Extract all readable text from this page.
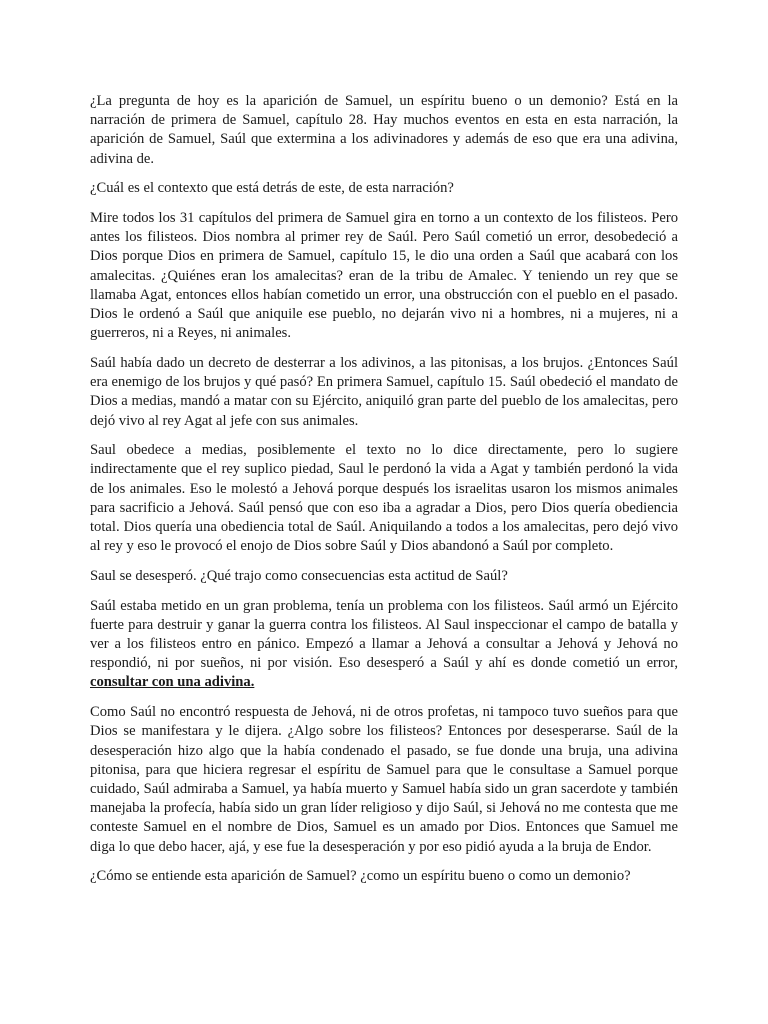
¿La pregunta de hoy es la aparición de Samuel, un espíritu bueno o un demonio? Está en la narración de primera de Samuel, capítulo 28. Hay muchos eventos en esta en esta narración, la aparición de Samuel, Saúl que extermina a los adivinadores y además de eso que era una adivina, adivina de.

¿Cuál es el contexto que está detrás de este, de esta narración?

Mire todos los 31 capítulos del primera de Samuel gira en torno a un contexto de los filisteos. Pero antes los filisteos. Dios nombra al primer rey de Saúl. Pero Saúl cometió un error, desobedeció a Dios porque Dios en primera de Samuel, capítulo 15, le dio una orden a Saúl que acabará con los amalecitas. ¿Quiénes eran los amalecitas? eran de la tribu de Amalec. Y teniendo un rey que se llamaba Agat, entonces ellos habían cometido un error, una obstrucción con el pueblo en el pasado. Dios le ordenó a Saúl que aniquile ese pueblo, no dejarán vivo ni a hombres, ni a mujeres, ni a guerreros, ni a Reyes, ni animales.

Saúl había dado un decreto de desterrar a los adivinos, a las pitonisas, a los brujos. ¿Entonces Saúl era enemigo de los brujos y qué pasó? En primera Samuel, capítulo 15. Saúl obedeció el mandato de Dios a medias, mandó a matar con su Ejército, aniquiló gran parte del pueblo de los amalecitas, pero dejó vivo al rey Agat al jefe con sus animales.

Saul obedece a medias, posiblemente el texto no lo dice directamente, pero lo sugiere indirectamente que el rey suplico piedad, Saul le perdonó la vida a Agat y también perdonó la vida de los animales. Eso le molestó a Jehová porque después los israelitas usaron los mismos animales para sacrificio a Jehová. Saúl pensó que con eso iba a agradar a Dios, pero Dios quería obediencia total. Dios quería una obediencia total de Saúl. Aniquilando a todos a los amalecitas, pero dejó vivo al rey y eso le provocó el enojo de Dios sobre Saúl y Dios abandonó a Saúl por completo.

Saul se desesperó. ¿Qué trajo como consecuencias esta actitud de Saúl?

Saúl estaba metido en un gran problema, tenía un problema con los filisteos. Saúl armó un Ejército fuerte para destruir y ganar la guerra contra los filisteos. Al Saul inspeccionar el campo de batalla y ver a los filisteos entro en pánico. Empezó a llamar a Jehová a consultar a Jehová y Jehová no respondió, ni por sueños, ni por visión. Eso desesperó a Saúl y ahí es donde cometió un error, consultar con una adivina.

Como Saúl no encontró respuesta de Jehová, ni de otros profetas, ni tampoco tuvo sueños para que Dios se manifestara y le dijera. ¿Algo sobre los filisteos? Entonces por desesperarse. Saúl de la desesperación hizo algo que la había condenado el pasado, se fue donde una bruja, una adivina pitonisa, para que hiciera regresar el espíritu de Samuel para que le consultase a Samuel porque cuidado, Saúl admiraba a Samuel, ya había muerto y Samuel había sido un gran sacerdote y también manejaba la profecía, había sido un gran líder religioso y dijo Saúl, si Jehová no me contesta que me conteste Samuel en el nombre de Dios, Samuel es un amado por Dios. Entonces que Samuel me diga lo que debo hacer, ajá, y ese fue la desesperación y por eso pidió ayuda a la bruja de Endor.

¿Cómo se entiende esta aparición de Samuel? ¿como un espíritu bueno o como un demonio?
